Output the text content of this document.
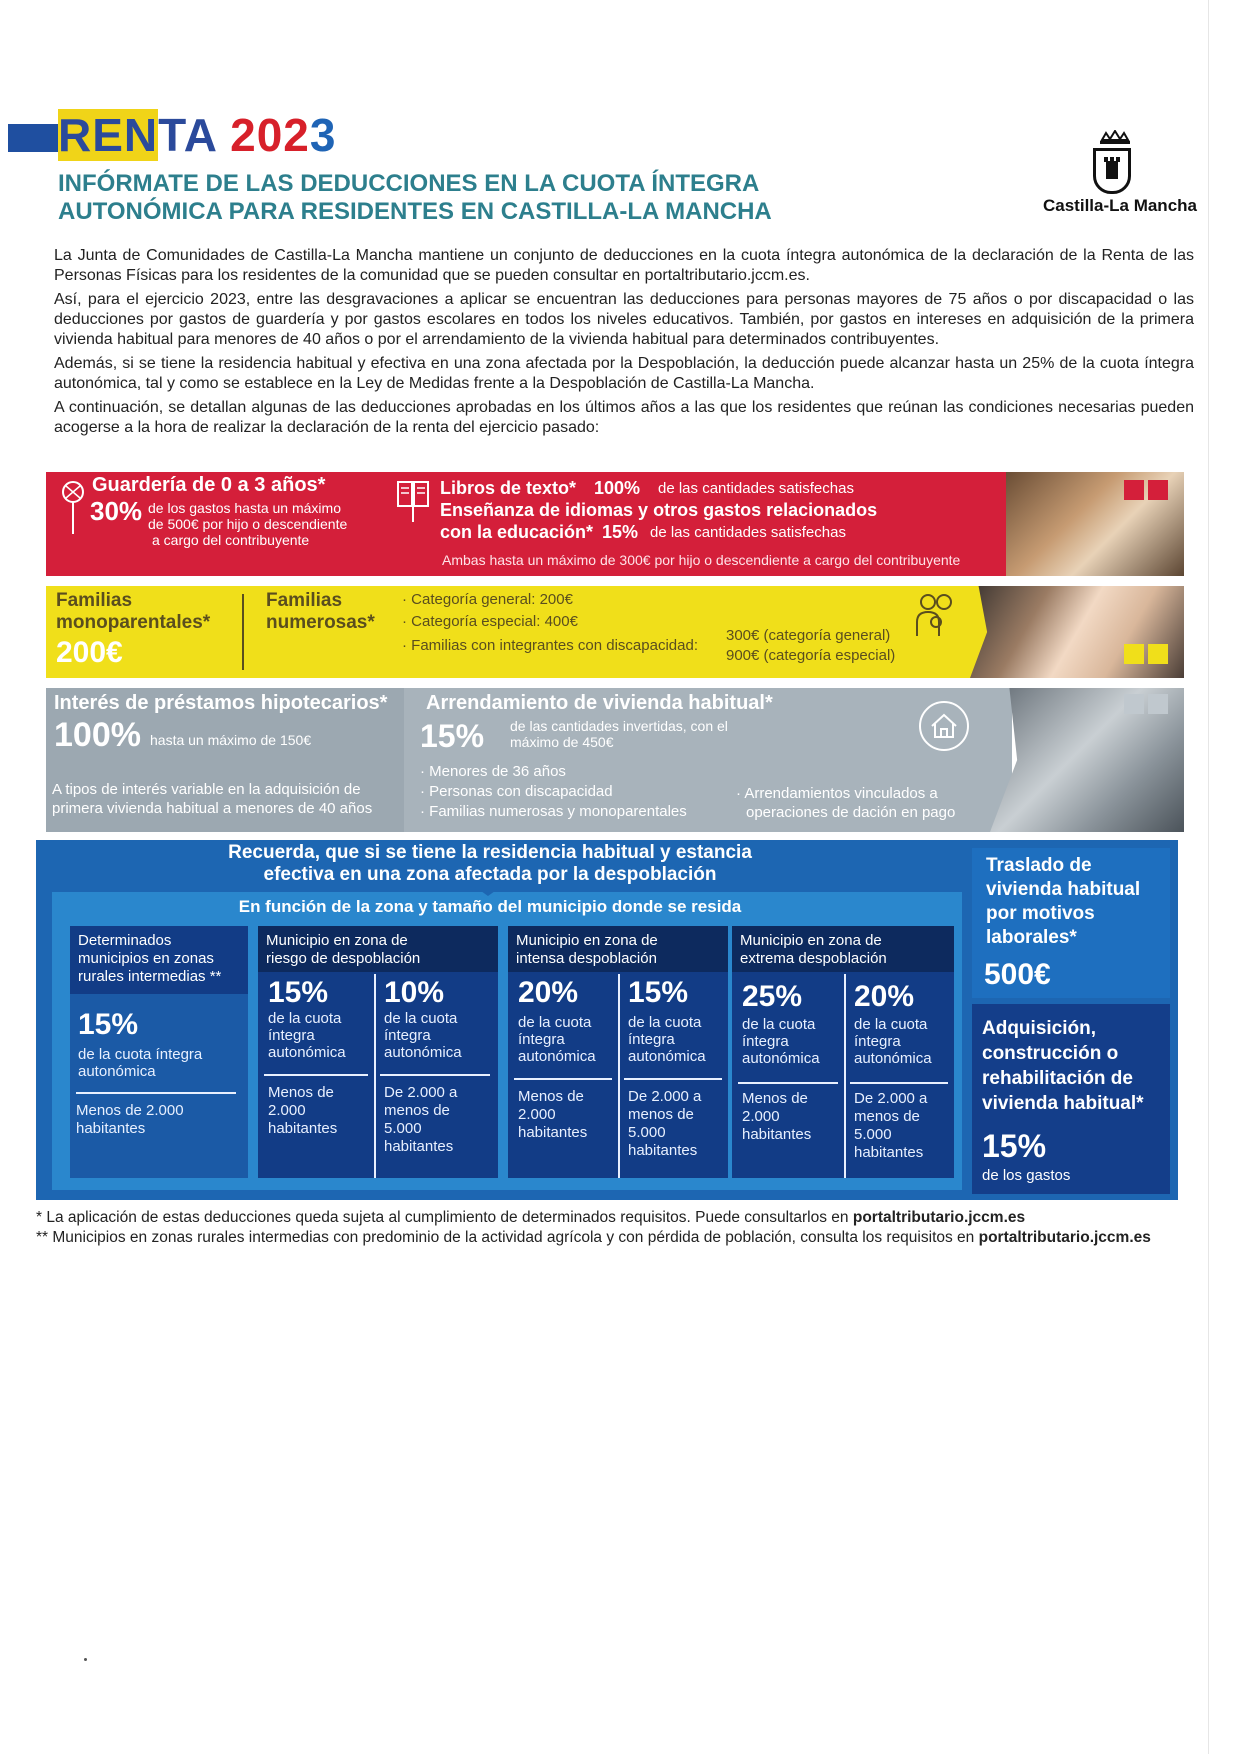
RENTA 2023
INFÓRMATE DE LAS DEDUCCIONES EN LA CUOTA ÍNTEGRA
AUTONÓMICA PARA RESIDENTES EN CASTILLA-LA MANCHA	Castilla-La Mancha

La Junta de Comunidades de Castilla-La Mancha mantiene un conjunto de deducciones en la cuota íntegra autonómica de la declaración de la Renta de las Personas Físicas para los residentes de la comunidad que se pueden consultar en portaltributario.jccm.es.

Así, para el ejercicio 2023, entre las desgravaciones a aplicar se encuentran las deducciones para personas mayores de 75 años o por discapacidad o las deducciones por gastos de guardería y por gastos escolares en todos los niveles educativos. También, por gastos en intereses en adquisición de la primera vivienda habitual para menores de 40 años o por el arrendamiento de la vivienda habitual para determinados contribuyentes.

Además, si se tiene la residencia habitual y efectiva en una zona afectada por la Despoblación, la deducción puede alcanzar hasta un 25% de la cuota íntegra autonómica, tal y como se establece en la Ley de Medidas frente a la Despoblación de Castilla-La Mancha.

A continuación, se detallan algunas de las deducciones aprobadas en los últimos años a las que los residentes que reúnan las condiciones necesarias pueden acogerse a la hora de realizar la declaración de la renta del ejercicio pasado:

Guardería de 0 a 3 años*
30% de los gastos hasta un máximo
de 500€ por hijo o descendiente
a cargo del contribuyente
Libros de texto* 100% de las cantidades satisfechas
Enseñanza de idiomas y otros gastos relacionados
con la educación* 15% de las cantidades satisfechas
Ambas hasta un máximo de 300€ por hijo o descendiente a cargo del contribuyente
Familias
monoparentales*
200€
Familias
numerosas*
· Categoría general: 200€
· Categoría especial: 400€
· Familias con integrantes con discapacidad:
300€ (categoría general)
900€ (categoría especial)
Interés de préstamos hipotecarios*
100% hasta un máximo de 150€
A tipos de interés variable en la adquisición de
primera vivienda habitual a menores de 40 años
Arrendamiento de vivienda habitual*
15% de las cantidades invertidas, con el
máximo de 450€
· Menores de 36 años
· Personas con discapacidad
· Familias numerosas y monoparentales
· Arrendamientos vinculados a
operaciones de dación en pago
Recuerda, que si se tiene la residencia habitual y estancia
efectiva en una zona afectada por la despoblación
En función de la zona y tamaño del municipio donde se resida
Determinados
municipios en zonas
rurales intermedias **
15%
de la cuota íntegra
autonómica
Menos de 2.000
habitantes
Municipio en zona de
riesgo de despoblación
15% 10%
de la cuota
íntegra
autonómica
de la cuota
íntegra
autonómica
Menos de
2.000
habitantes
De 2.000 a
menos de
5.000
habitantes
Municipio en zona de
intensa despoblación
20% 15%
de la cuota
íntegra
autonómica
de la cuota
íntegra
autonómica
Menos de
2.000
habitantes
De 2.000 a
menos de
5.000
habitantes
Municipio en zona de
extrema despoblación
25% 20%
de la cuota
íntegra
autonómica
de la cuota
íntegra
autonómica
Menos de
2.000
habitantes
De 2.000 a
menos de
5.000
habitantes
Traslado de
vivienda habitual
por motivos
laborales*
500€
Adquisición,
construcción o
rehabilitación de
vivienda habitual*
15%
de los gastos
* La aplicación de estas deducciones queda sujeta al cumplimiento de determinados requisitos. Puede consultarlos en portaltributario.jccm.es
** Municipios en zonas rurales intermedias con predominio de la actividad agrícola y con pérdida de población, consulta los requisitos en portaltributario.jccm.es
